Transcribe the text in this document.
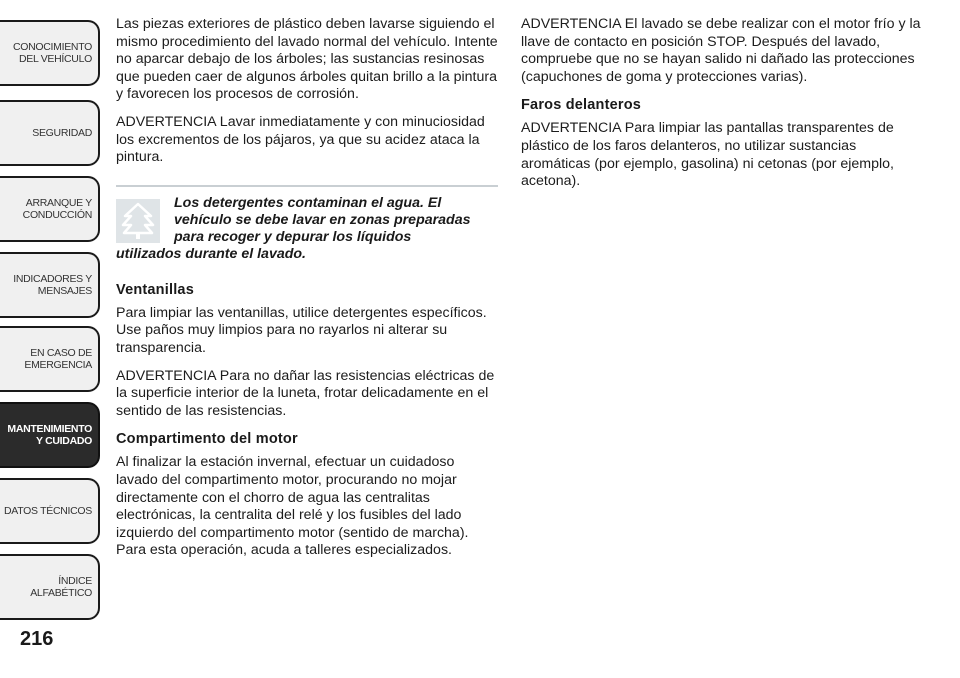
CONOCIMIENTO
DEL VEHÍCULO
SEGURIDAD
ARRANQUE Y
CONDUCCIÓN
INDICADORES Y
MENSAJES
EN CASO DE
EMERGENCIA
MANTENIMIENTO
Y CUIDADO
DATOS TÉCNICOS
ÍNDICE ALFABÉTICO
216

Las piezas exteriores de plástico deben lavarse siguiendo el mismo procedimiento del lavado normal del vehículo. Intente no aparcar debajo de los árboles; las sustancias resinosas que pueden caer de algunos árboles quitan brillo a la pintura y favorecen los procesos de corrosión.

ADVERTENCIA Lavar inmediatamente y con minuciosidad los excrementos de los pájaros, ya que su acidez ataca la pintura.

Los detergentes contaminan el agua. El vehículo se debe lavar en zonas preparadas para recoger y depurar los líquidos

utilizados durante el lavado.

Ventanillas

Para limpiar las ventanillas, utilice detergentes específicos. Use paños muy limpios para no rayarlos ni alterar su transparencia.

ADVERTENCIA Para no dañar las resistencias eléctricas de la superficie interior de la luneta, frotar delicadamente en el sentido de las resistencias.

Compartimento del motor

Al finalizar la estación invernal, efectuar un cuidadoso lavado del compartimento motor, procurando no mojar directamente con el chorro de agua las centralitas electrónicas, la centralita del relé y los fusibles del lado izquierdo del compartimento motor (sentido de marcha). Para esta operación, acuda a talleres especializados.

ADVERTENCIA El lavado se debe realizar con el motor frío y la llave de contacto en posición STOP. Después del lavado, compruebe que no se hayan salido ni dañado las protecciones (capuchones de goma y protecciones varias).

Faros delanteros

ADVERTENCIA Para limpiar las pantallas transparentes de plástico de los faros delanteros, no utilizar sustancias aromáticas (por ejemplo, gasolina) ni cetonas (por ejemplo, acetona).
